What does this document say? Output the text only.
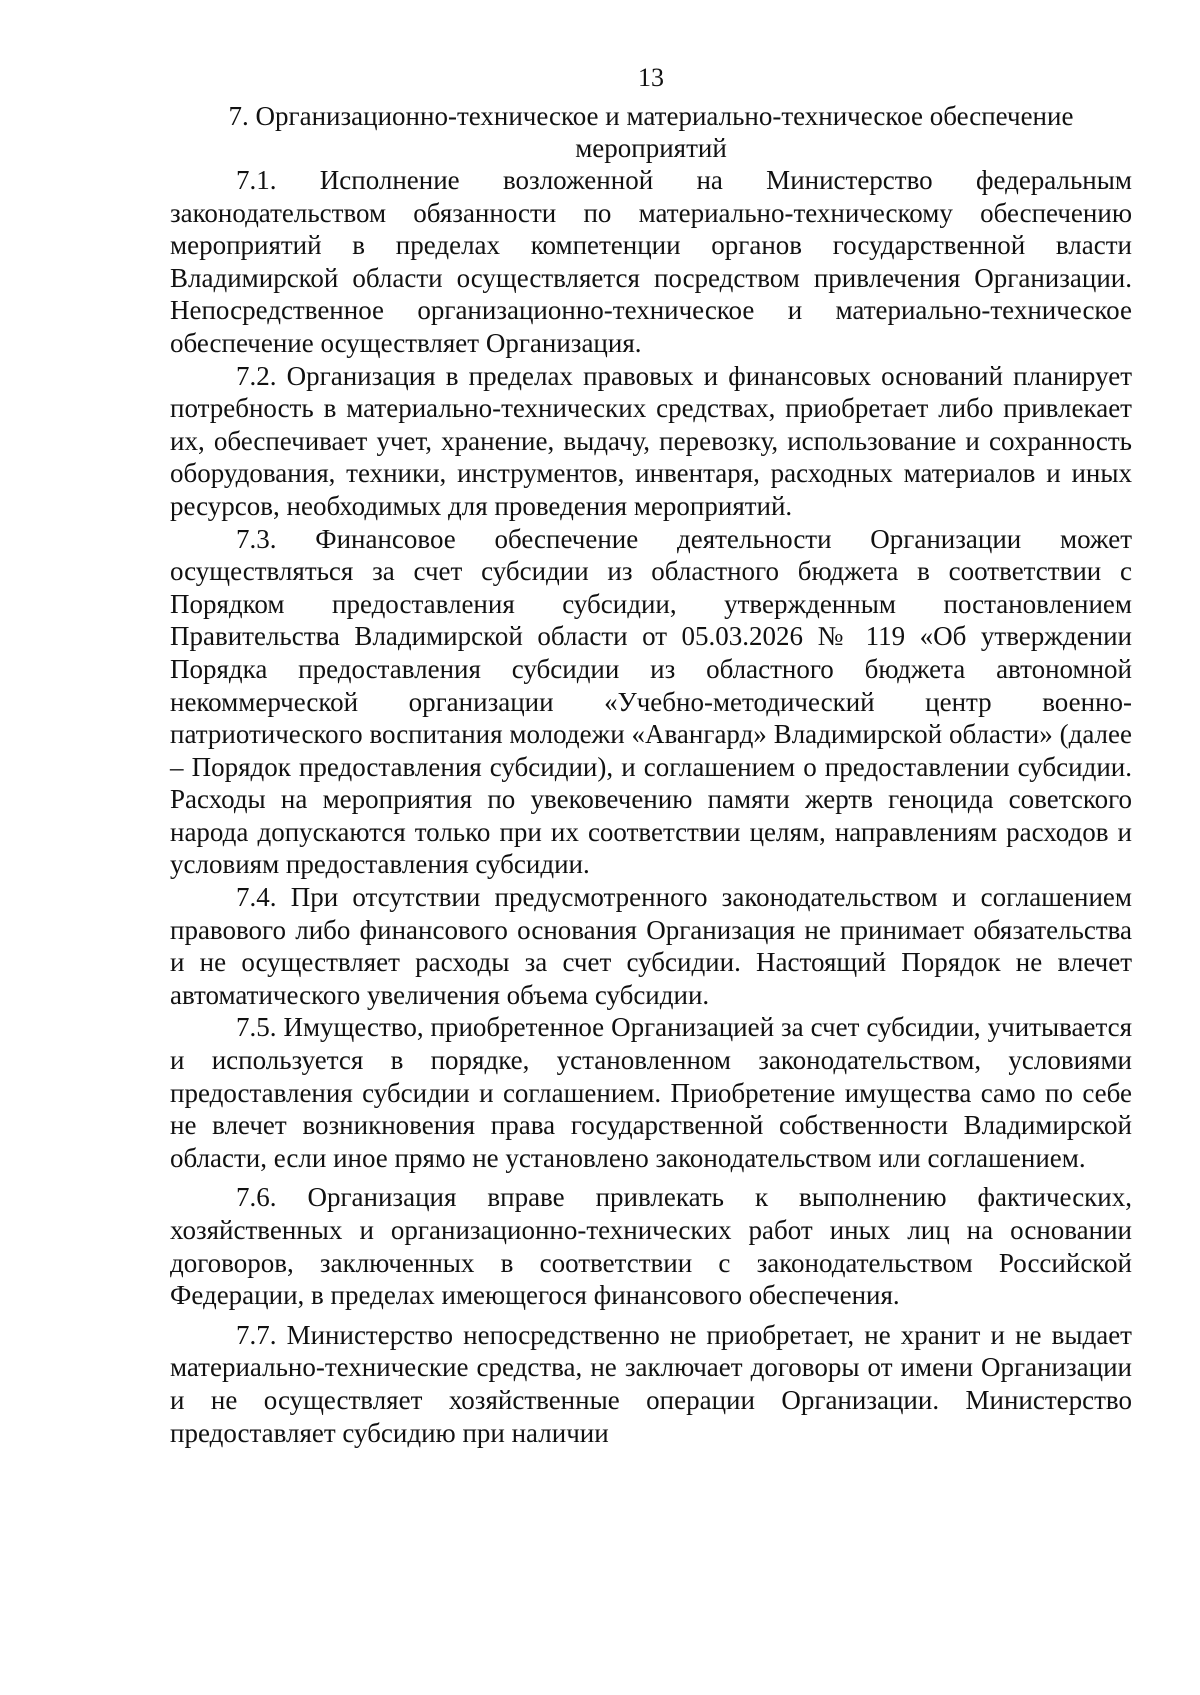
13
7. Организационно-техническое и материально-техническое обеспечение мероприятий

7.1. Исполнение возложенной на Министерство федеральным законодательством обязанности по материально-техническому обеспечению мероприятий в пределах компетенции органов государственной власти Владимирской области осуществляется посредством привлечения Организации. Непосредственное организационно-техническое и материально-техническое обеспечение осуществляет Организация.

7.2. Организация в пределах правовых и финансовых оснований планирует потребность в материально-технических средствах, приобретает либо привлекает их, обеспечивает учет, хранение, выдачу, перевозку, использование и сохранность оборудования, техники, инструментов, инвентаря, расходных материалов и иных ресурсов, необходимых для проведения мероприятий.

7.3. Финансовое обеспечение деятельности Организации может осуществляться за счет субсидии из областного бюджета в соответствии с Порядком предоставления субсидии, утвержденным постановлением Правительства Владимирской области от 05.03.2026 № 119 «Об утверждении Порядка предоставления субсидии из областного бюджета автономной некоммерческой организации «Учебно-методический центр военно-патриотического воспитания молодежи «Авангард» Владимирской области» (далее – Порядок предоставления субсидии), и соглашением о предоставлении субсидии. Расходы на мероприятия по увековечению памяти жертв геноцида советского народа допускаются только при их соответствии целям, направлениям расходов и условиям предоставления субсидии.

7.4. При отсутствии предусмотренного законодательством и соглашением правового либо финансового основания Организация не принимает обязательства и не осуществляет расходы за счет субсидии. Настоящий Порядок не влечет автоматического увеличения объема субсидии.

7.5. Имущество, приобретенное Организацией за счет субсидии, учитывается и используется в порядке, установленном законодательством, условиями предоставления субсидии и соглашением. Приобретение имущества само по себе не влечет возникновения права государственной собственности Владимирской области, если иное прямо не установлено законодательством или соглашением.

7.6. Организация вправе привлекать к выполнению фактических, хозяйственных и организационно-технических работ иных лиц на основании договоров, заключенных в соответствии с законодательством Российской Федерации, в пределах имеющегося финансового обеспечения.

7.7. Министерство непосредственно не приобретает, не хранит и не выдает материально-технические средства, не заключает договоры от имени Организации и не осуществляет хозяйственные операции Организации. Министерство предоставляет субсидию при наличии
